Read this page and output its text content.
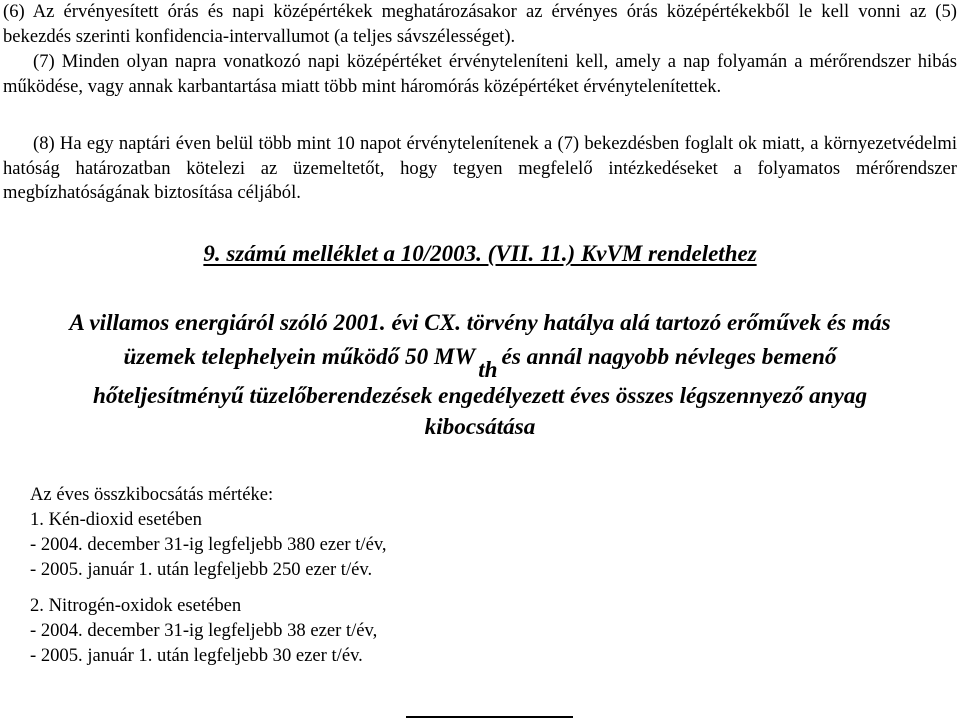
(6) Az érvényesített órás és napi középértékek meghatározásakor az érvényes órás középértékekből le kell vonni az (5) bekezdés szerinti konfidencia-intervallumot (a teljes sávszélességet).

(7) Minden olyan napra vonatkozó napi középértéket érvényteleníteni kell, amely a nap folyamán a mérőrendszer hibás működése, vagy annak karbantartása miatt több mint háromórás középértéket érvénytelenítettek.

(8) Ha egy naptári éven belül több mint 10 napot érvénytelenítenek a (7) bekezdésben foglalt ok miatt, a környezetvédelmi hatóság határozatban kötelezi az üzemeltetőt, hogy tegyen megfelelő intézkedéseket a folyamatos mérőrendszer megbízhatóságának biztosítása céljából.

9. számú melléklet a 10/2003. (VII. 11.) KvVM rendelethez

A villamos energiáról szóló 2001. évi CX. törvény hatálya alá tartozó erőművek és más

üzemek telephelyein működő 50 MW th és annál nagyobb névleges bemenő

hőteljesítményű tüzelőberendezések engedélyezett éves összes légszennyező anyag

kibocsátása

Az éves összkibocsátás mértéke:

1. Kén-dioxid esetében

- 2004. december 31-ig legfeljebb 380 ezer t/év,

- 2005. január 1. után legfeljebb 250 ezer t/év.

2. Nitrogén-oxidok esetében

- 2004. december 31-ig legfeljebb 38 ezer t/év,

- 2005. január 1. után legfeljebb 30 ezer t/év.
